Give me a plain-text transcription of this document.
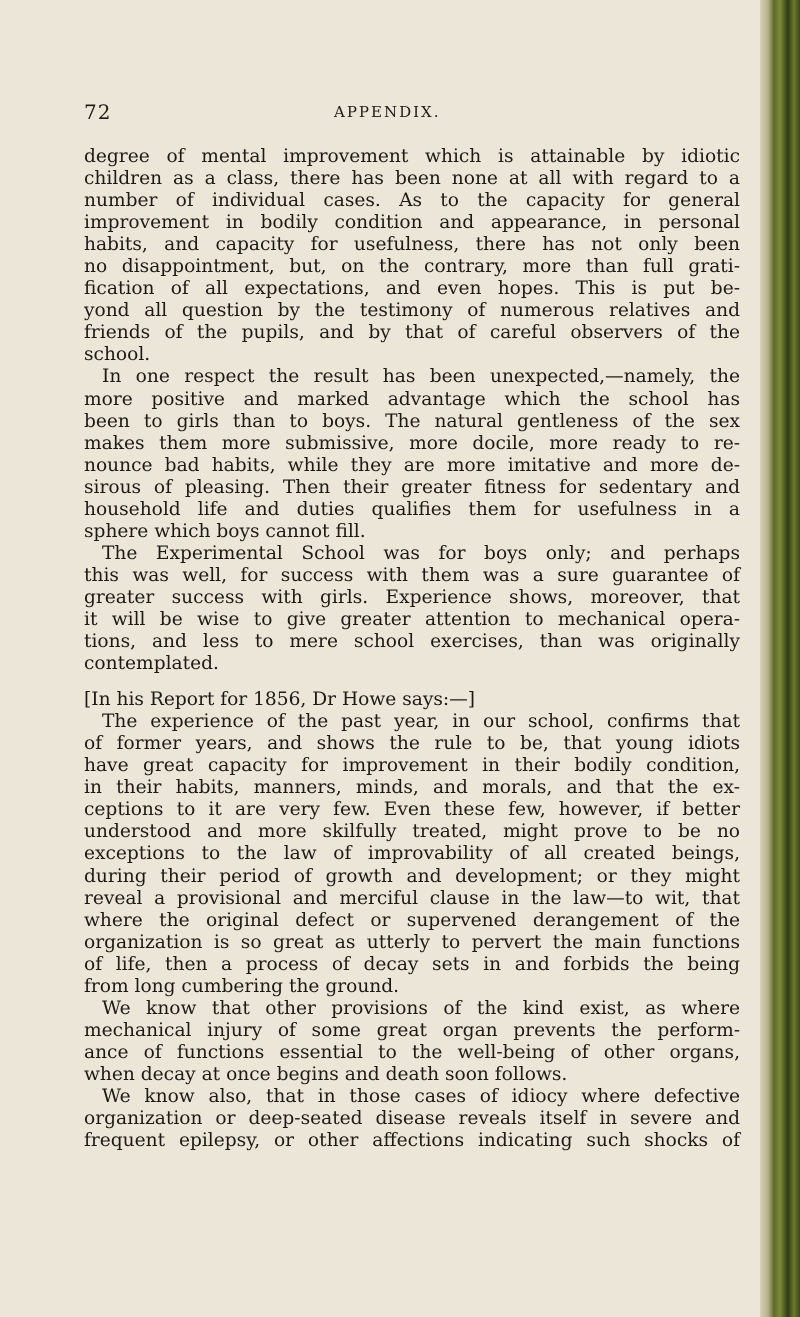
72	APPENDIX.
degree of mental improvement which is attainable by idiotic
children as a class, there has been none at all with regard to a
number of individual cases. As to the capacity for general
improvement in bodily condition and appearance, in personal
habits, and capacity for usefulness, there has not only been
no disappointment, but, on the contrary, more than full grati-
fication of all expectations, and even hopes. This is put be-
yond all question by the testimony of numerous relatives and
friends of the pupils, and by that of careful observers of the
school.
In one respect the result has been unexpected,—namely, the
more positive and marked advantage which the school has
been to girls than to boys. The natural gentleness of the sex
makes them more submissive, more docile, more ready to re-
nounce bad habits, while they are more imitative and more de-
sirous of pleasing. Then their greater fitness for sedentary and
household life and duties qualifies them for usefulness in a
sphere which boys cannot fill.
The Experimental School was for boys only; and perhaps
this was well, for success with them was a sure guarantee of
greater success with girls. Experience shows, moreover, that
it will be wise to give greater attention to mechanical opera-
tions, and less to mere school exercises, than was originally
contemplated.
[In his Report for 1856, Dr Howe says:—]
The experience of the past year, in our school, confirms that
of former years, and shows the rule to be, that young idiots
have great capacity for improvement in their bodily condition,
in their habits, manners, minds, and morals, and that the ex-
ceptions to it are very few. Even these few, however, if better
understood and more skilfully treated, might prove to be no
exceptions to the law of improvability of all created beings,
during their period of growth and development; or they might
reveal a provisional and merciful clause in the law—to wit, that
where the original defect or supervened derangement of the
organization is so great as utterly to pervert the main functions
of life, then a process of decay sets in and forbids the being
from long cumbering the ground.
We know that other provisions of the kind exist, as where
mechanical injury of some great organ prevents the perform-
ance of functions essential to the well-being of other organs,
when decay at once begins and death soon follows.
We know also, that in those cases of idiocy where defective
organization or deep-seated disease reveals itself in severe and
frequent epilepsy, or other affections indicating such shocks of
